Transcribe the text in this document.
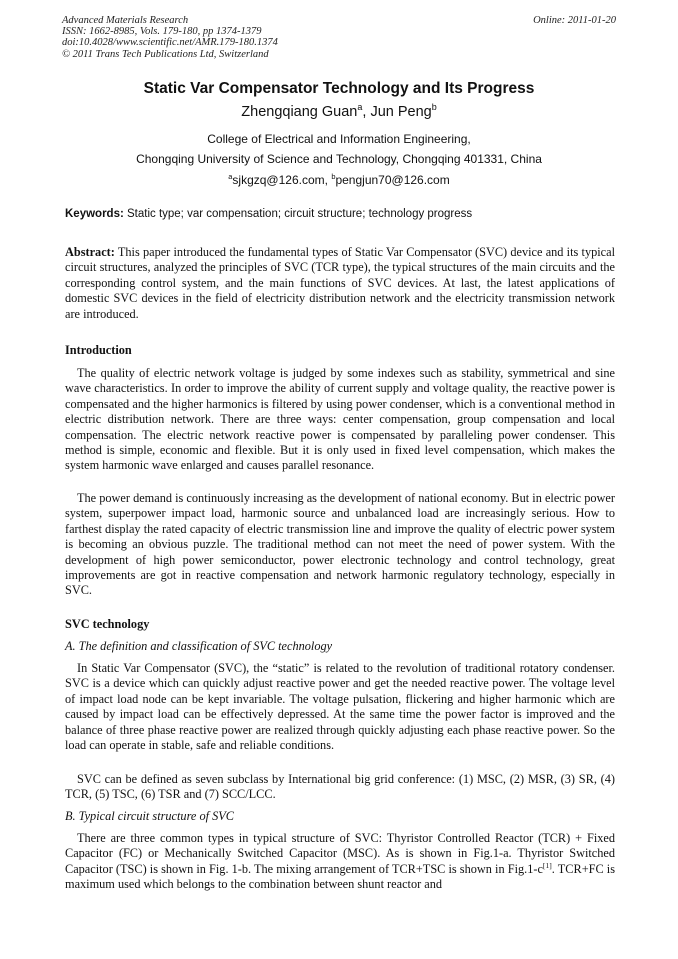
Advanced Materials Research
ISSN: 1662-8985, Vols. 179-180, pp 1374-1379
doi:10.4028/www.scientific.net/AMR.179-180.1374
© 2011 Trans Tech Publications Ltd, Switzerland
Online: 2011-01-20
Static Var Compensator Technology and Its Progress
Zhengqiang Guan$^a$, Jun Peng$^b$
College of Electrical and Information Engineering,
Chongqing University of Science and Technology, Chongqing 401331, China
$^a$sjkgzq@126.com, $^b$pengjun70@126.com
Keywords: Static type; var compensation; circuit structure; technology progress

Abstract: This paper introduced the fundamental types of Static Var Compensator (SVC) device and its typical circuit structures, analyzed the principles of SVC (TCR type), the typical structures of the main circuits and the corresponding control system, and the main functions of SVC devices. At last, the latest applications of domestic SVC devices in the field of electricity distribution network and the electricity transmission network are introduced.

Introduction

The quality of electric network voltage is judged by some indexes such as stability, symmetrical and sine wave characteristics. In order to improve the ability of current supply and voltage quality, the reactive power is compensated and the higher harmonics is filtered by using power condenser, which is a conventional method in electric distribution network. There are three ways: center compensation, group compensation and local compensation. The electric network reactive power is compensated by paralleling power condenser. This method is simple, economic and flexible. But it is only used in fixed level compensation, which makes the system harmonic wave enlarged and causes parallel resonance.

The power demand is continuously increasing as the development of national economy. But in electric power system, superpower impact load, harmonic source and unbalanced load are increasingly serious. How to farthest display the rated capacity of electric transmission line and improve the quality of electric power system is becoming an obvious puzzle. The traditional method can not meet the need of power system. With the development of high power semiconductor, power electronic technology and control technology, great improvements are got in reactive compensation and network harmonic regulatory technology, especially in SVC.

SVC technology
A. The definition and classification of SVC technology

In Static Var Compensator (SVC), the “static” is related to the revolution of traditional rotatory condenser. SVC is a device which can quickly adjust reactive power and get the needed reactive power. The voltage level of impact load node can be kept invariable. The voltage pulsation, flickering and higher harmonic which are caused by impact load can be effectively depressed. At the same time the power factor is improved and the balance of three phase reactive power are realized through quickly adjusting each phase reactive power. So the load can operate in stable, safe and reliable conditions.

SVC can be defined as seven subclass by International big grid conference: (1) MSC, (2) MSR, (3) SR, (4) TCR, (5) TSC, (6) TSR and (7) SCC/LCC.

B. Typical circuit structure of SVC

There are three common types in typical structure of SVC: Thyristor Controlled Reactor (TCR) + Fixed Capacitor (FC) or Mechanically Switched Capacitor (MSC). As is shown in Fig.1-a. Thyristor Switched Capacitor (TSC) is shown in Fig. 1-b. The mixing arrangement of TCR+TSC is shown in Fig.1-c[1]. TCR+FC is maximum used which belongs to the combination between shunt reactor and
